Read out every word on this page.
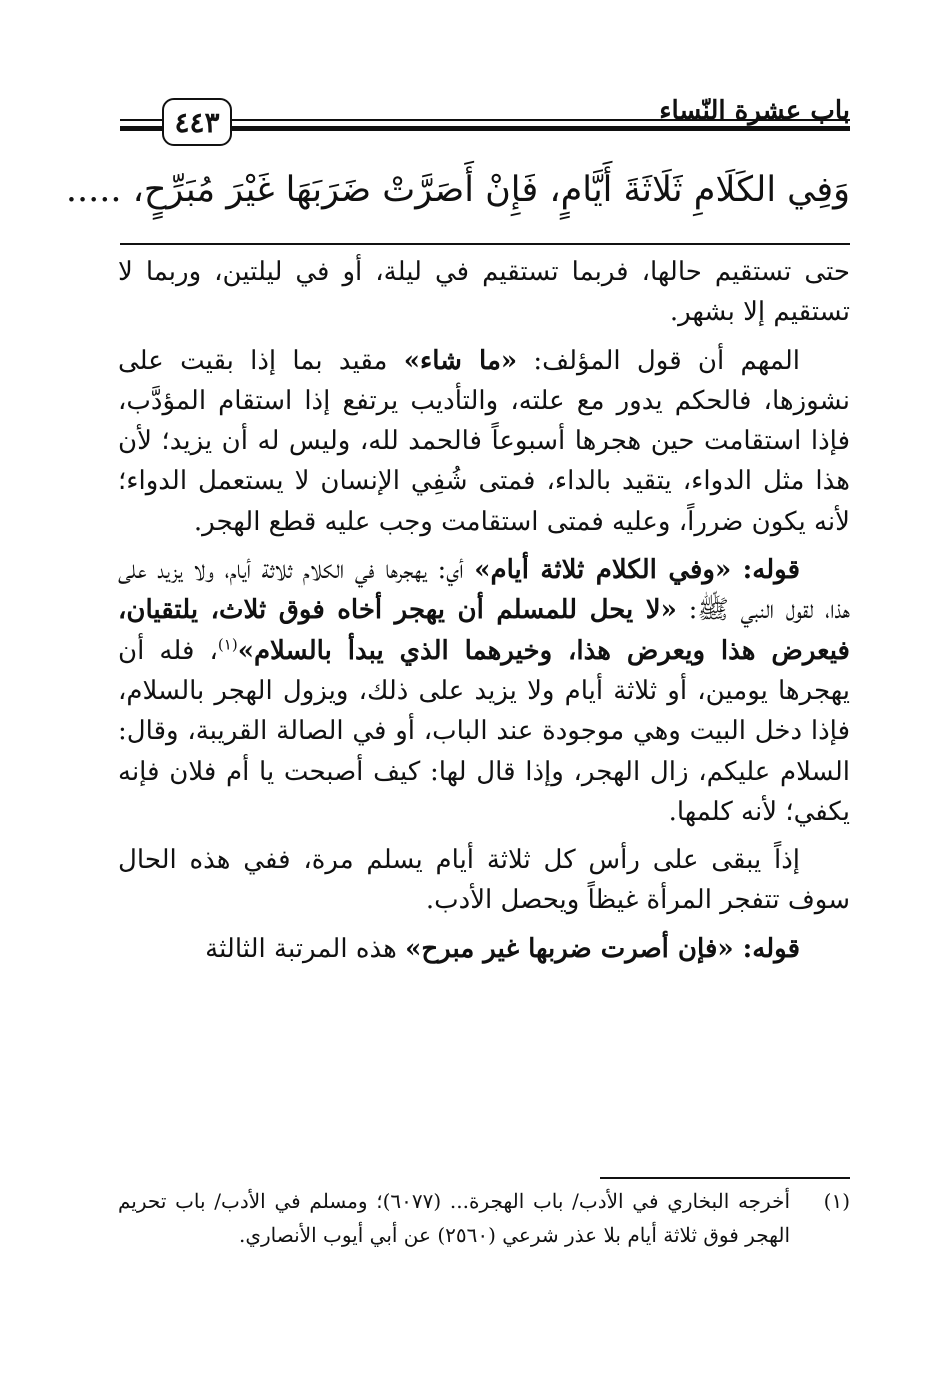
باب عشرة النّساء
٤٤٣
وَفِي الكَلَامِ ثَلَاثَةَ أَيَّامٍ، فَإِنْ أَصَرَّتْ ضَرَبَهَا غَيْرَ مُبَرِّحٍ، .....

حتى تستقيم حالها، فربما تستقيم في ليلة، أو في ليلتين، وربما لا تستقيم إلا بشهر.

المهم أن قول المؤلف: «ما شاء» مقيد بما إذا بقيت على نشوزها، فالحكم يدور مع علته، والتأديب يرتفع إذا استقام المؤدَّب، فإذا استقامت حين هجرها أسبوعاً فالحمد لله، وليس له أن يزيد؛ لأن هذا مثل الدواء، يتقيد بالداء، فمتى شُفِي الإنسان لا يستعمل الدواء؛ لأنه يكون ضرراً، وعليه فمتى استقامت وجب عليه قطع الهجر.

قوله: «وفي الكلام ثلاثة أيام» أي: يهجرها في الكلام ثلاثة أيام، ولا يزيد على هذا، لقول النبي ﷺ: «لا يحل للمسلم أن يهجر أخاه فوق ثلاث، يلتقيان، فيعرض هذا ويعرض هذا، وخيرهما الذي يبدأ بالسلام»$^{(١)}$، فله أن يهجرها يومين، أو ثلاثة أيام ولا يزيد على ذلك، ويزول الهجر بالسلام، فإذا دخل البيت وهي موجودة عند الباب، أو في الصالة القريبة، وقال: السلام عليكم، زال الهجر، وإذا قال لها: كيف أصبحت يا أم فلان فإنه يكفي؛ لأنه كلمها.

إذاً يبقى على رأس كل ثلاثة أيام يسلم مرة، ففي هذه الحال سوف تتفجر المرأة غيظاً ويحصل الأدب.

قوله: «فإن أصرت ضربها غير مبرح» هذه المرتبة الثالثة

(١)
أخرجه البخاري في الأدب/ باب الهجرة... (٦٠٧٧)؛ ومسلم في الأدب/ باب تحريم الهجر فوق ثلاثة أيام بلا عذر شرعي (٢٥٦٠) عن أبي أيوب الأنصاري.
